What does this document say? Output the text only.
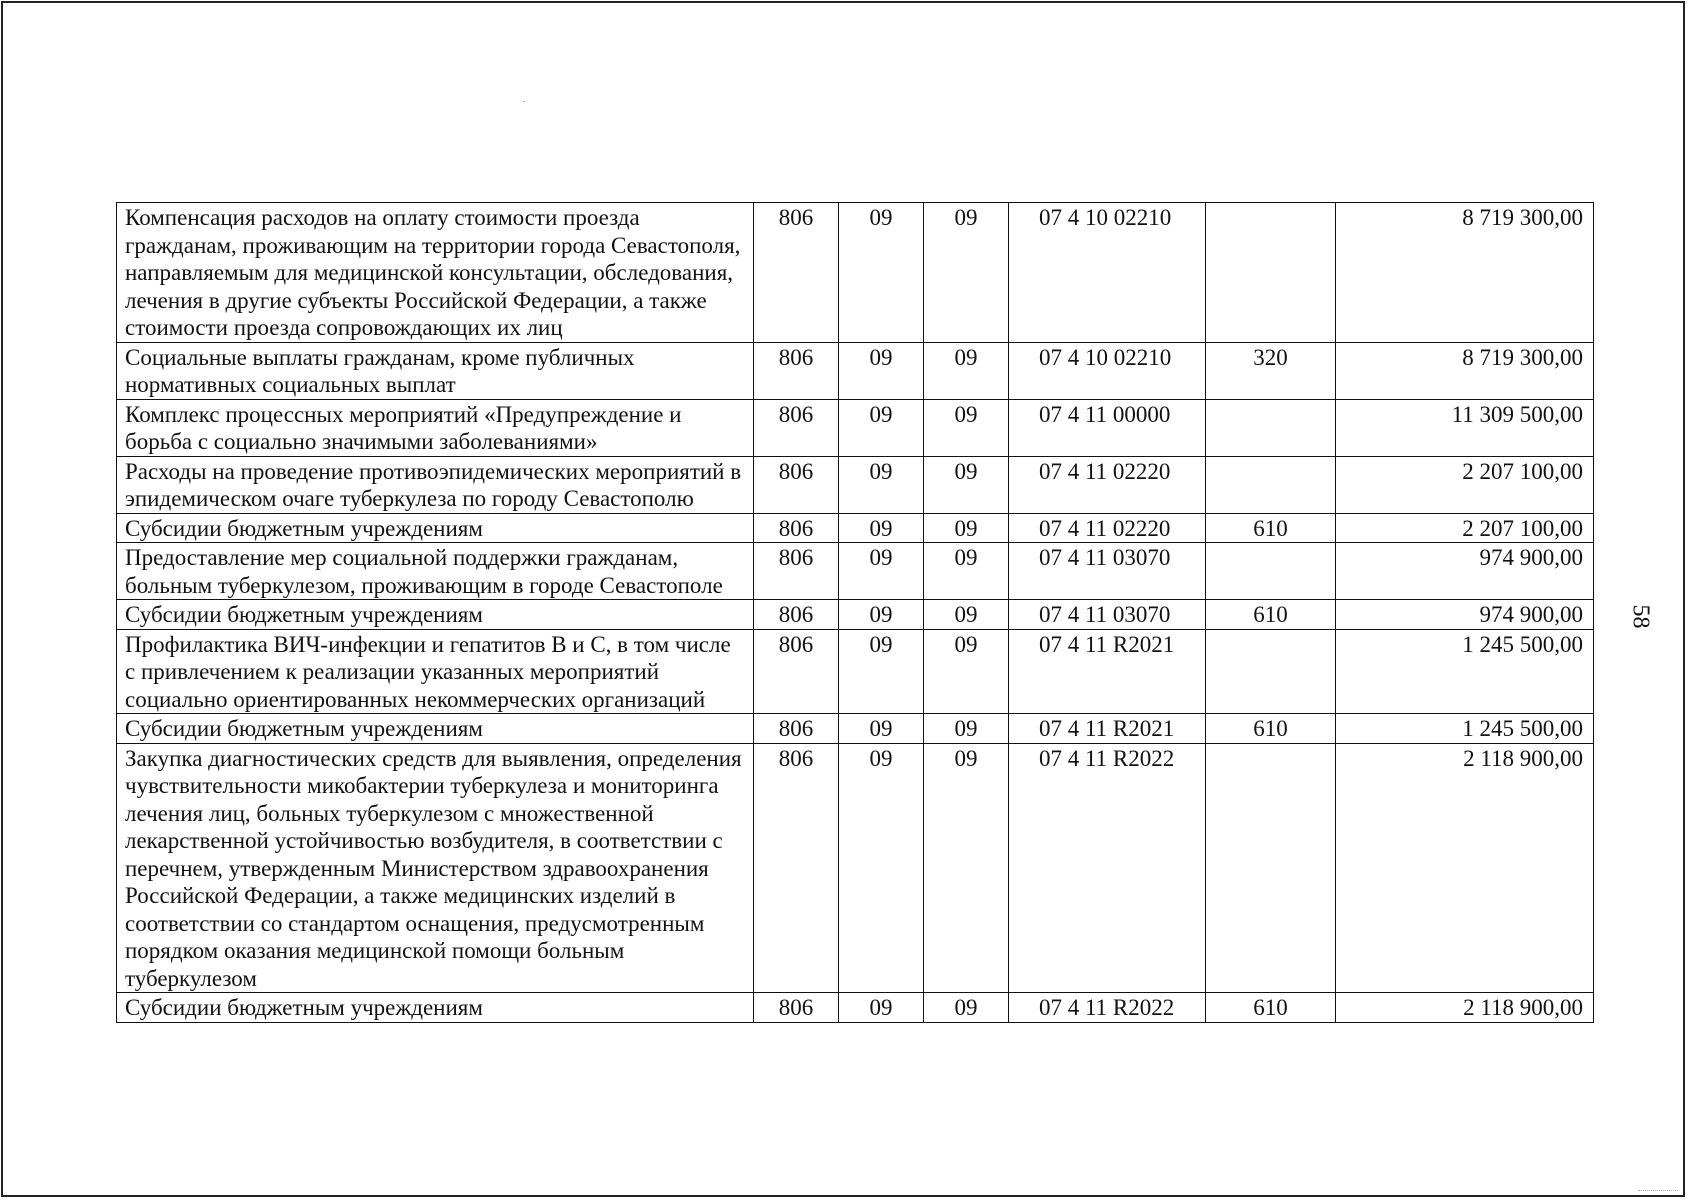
Компенсация расходов на оплату стоимости проезда гражданам, проживающим на территории города Севастополя, направляемым для медицинской консультации, обследования, лечения в другие субъекты Российской Федерации, а также стоимости проезда сопровождающих их лиц	806	09	09	07 4 10 02210		8 719 300,00
Социальные выплаты гражданам, кроме публичных нормативных социальных выплат	806	09	09	07 4 10 02210	320	8 719 300,00
Комплекс процессных мероприятий «Предупреждение и борьба с социально значимыми заболеваниями»	806	09	09	07 4 11 00000		11 309 500,00
Расходы на проведение противоэпидемических мероприятий в эпидемическом очаге туберкулеза по городу Севастополю	806	09	09	07 4 11 02220		2 207 100,00
Субсидии бюджетным учреждениям	806	09	09	07 4 11 02220	610	2 207 100,00
Предоставление мер социальной поддержки гражданам, больным туберкулезом, проживающим в городе Севастополе	806	09	09	07 4 11 03070		974 900,00
Субсидии бюджетным учреждениям	806	09	09	07 4 11 03070	610	974 900,00
Профилактика ВИЧ-инфекции и гепатитов В и С, в том числе с привлечением к реализации указанных мероприятий социально ориентированных некоммерческих организаций	806	09	09	07 4 11 R2021		1 245 500,00
Субсидии бюджетным учреждениям	806	09	09	07 4 11 R2021	610	1 245 500,00
Закупка диагностических средств для выявления, определения чувствительности микобактерии туберкулеза и мониторинга лечения лиц, больных туберкулезом с множественной лекарственной устойчивостью возбудителя, в соответствии с перечнем, утвержденным Министерством здравоохранения Российской Федерации, а также медицинских изделий в соответствии со стандартом оснащения, предусмотренным порядком оказания медицинской помощи больным туберкулезом	806	09	09	07 4 11 R2022		2 118 900,00
Субсидии бюджетным учреждениям	806	09	09	07 4 11 R2022	610	2 118 900,00
58
